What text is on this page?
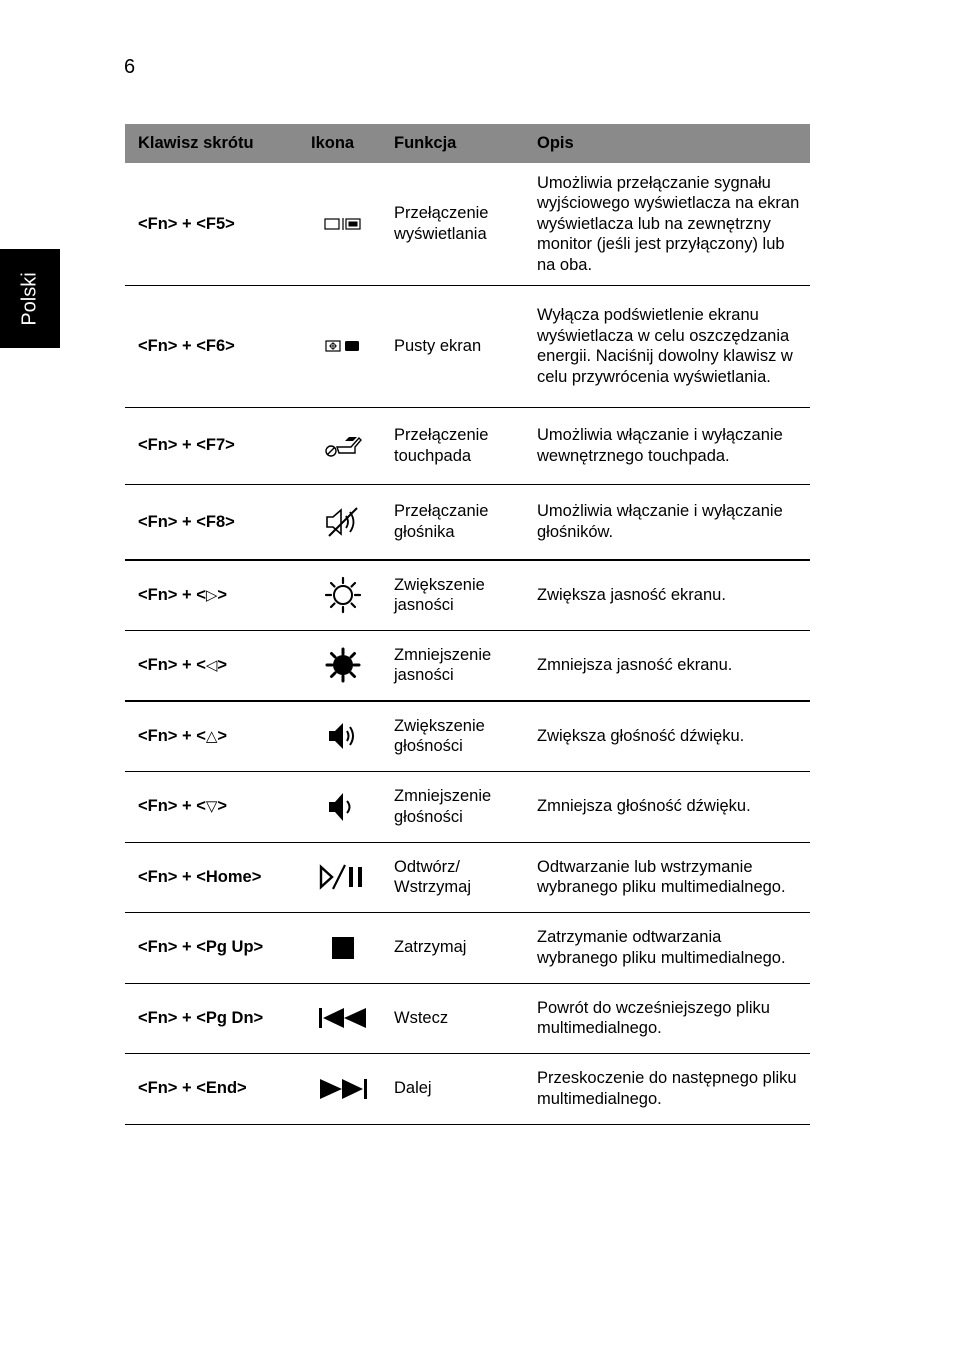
6
Polski
Klawisz skrótu	Ikona	Funkcja	Opis
<Fn> + <F5>		Przełączenie wyświetlania	Umożliwia przełączanie sygnału wyjściowego wyświetlacza na ekran wyświetlacza lub na zewnętrzny monitor (jeśli jest przyłączony) lub na oba.
<Fn> + <F6>		Pusty ekran	Wyłącza podświetlenie ekranu wyświetlacza w celu oszczędzania energii. Naciśnij dowolny klawisz w celu przywrócenia wyświetlania.
<Fn> + <F7>		Przełączenie touchpada	Umożliwia włączanie i wyłączanie wewnętrznego touchpada.
<Fn> + <F8>		Przełączanie głośnika	Umożliwia włączanie i wyłączanie głośników.
<Fn> + <▷>		Zwiększenie jasności	Zwiększa jasność ekranu.
<Fn> + <◁>		Zmniejszenie jasności	Zmniejsza jasność ekranu.
<Fn> + <△>		Zwiększenie głośności	Zwiększa głośność dźwięku.
<Fn> + <▽>		Zmniejszenie głośności	Zmniejsza głośność dźwięku.
<Fn> + <Home>		Odtwórz/ Wstrzymaj	Odtwarzanie lub wstrzymanie wybranego pliku multimedialnego.
<Fn> + <Pg Up>		Zatrzymaj	Zatrzymanie odtwarzania wybranego pliku multimedialnego.
<Fn> + <Pg Dn>		Wstecz	Powrót do wcześniejszego pliku multimedialnego.
<Fn> + <End>		Dalej	Przeskoczenie do następnego pliku multimedialnego.
